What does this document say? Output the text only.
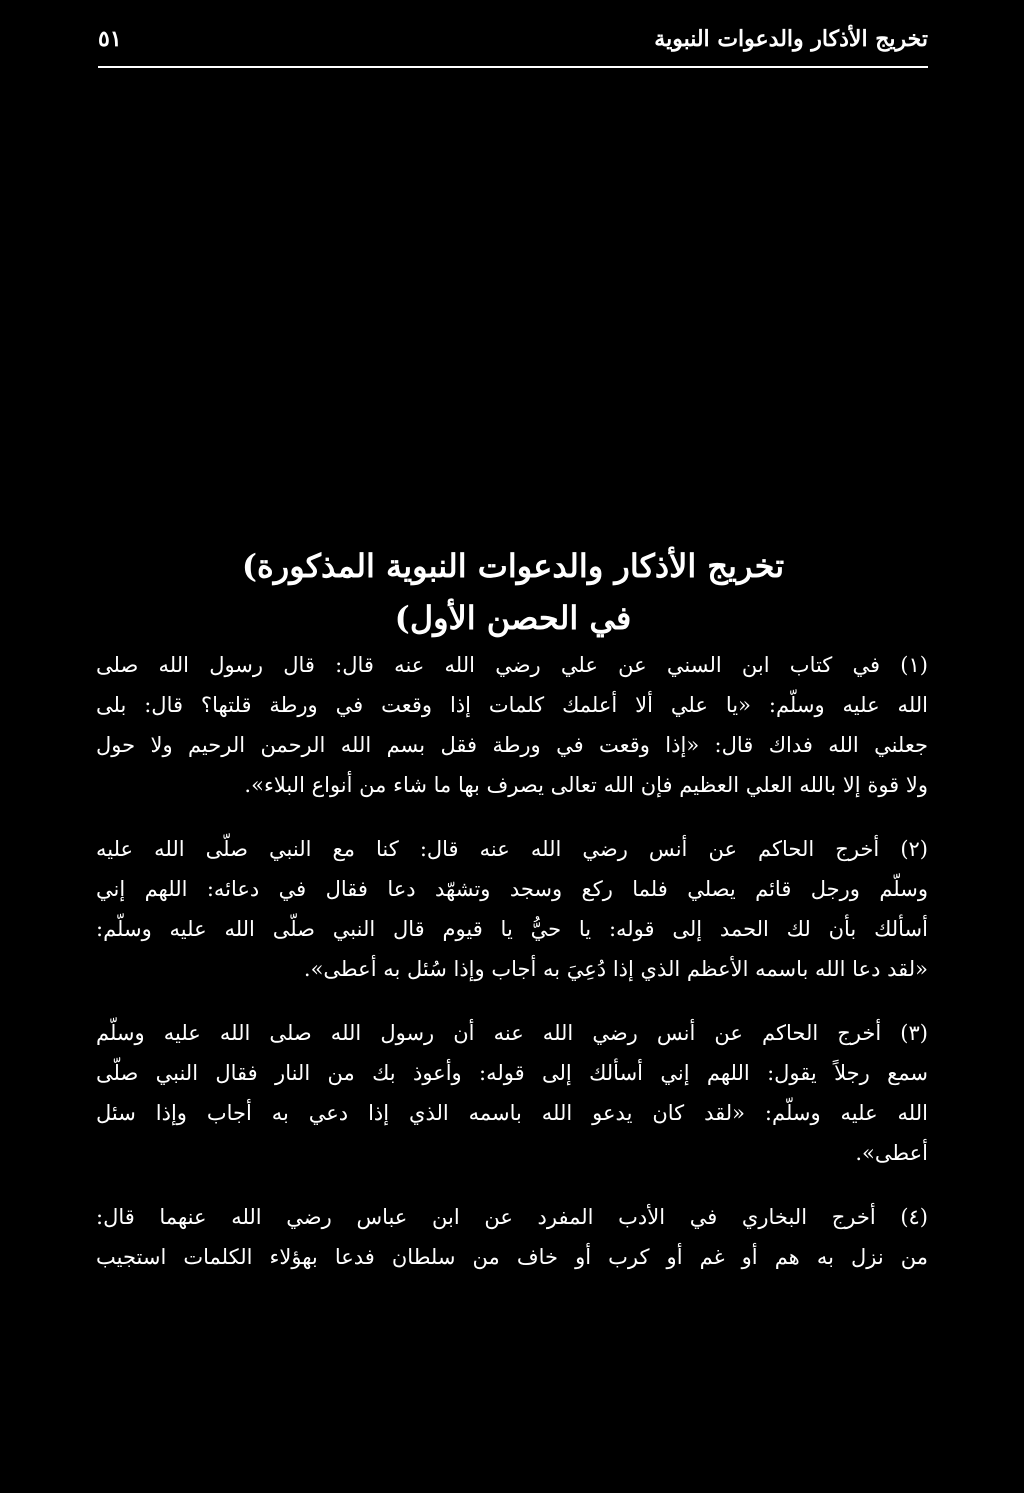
تخريج الأذكار والدعوات النبوية
٥١
تخريج الأذكار والدعوات النبوية المذكورة)
في الحصن الأول)
(١) في كتاب ابن السني عن علي رضي الله عنه قال: قال رسول الله صلى
الله عليه وسلّم: «يا علي ألا أعلمك كلمات إذا وقعت في ورطة قلتها؟ قال: بلى
جعلني الله فداك قال: «إذا وقعت في ورطة فقل بسم الله الرحمن الرحيم ولا حول
ولا قوة إلا بالله العلي العظيم فإن الله تعالى يصرف بها ما شاء من أنواع البلاء».
(٢) أخرج الحاكم عن أنس رضي الله عنه قال: كنا مع النبي صلّى الله عليه
وسلّم ورجل قائم يصلي فلما ركع وسجد وتشهّد دعا فقال في دعائه: اللهم إني
أسألك بأن لك الحمد إلى قوله: يا حيُّ يا قيوم قال النبي صلّى الله عليه وسلّم:
«لقد دعا الله باسمه الأعظم الذي إذا دُعِيَ به أجاب وإذا سُئل به أعطى».
(٣) أخرج الحاكم عن أنس رضي الله عنه أن رسول الله صلى الله عليه وسلّم
سمع رجلاً يقول: اللهم إني أسألك إلى قوله: وأعوذ بك من النار فقال النبي صلّى
الله عليه وسلّم: «لقد كان يدعو الله باسمه الذي إذا دعي به أجاب وإذا سئل
أعطى».
(٤) أخرج البخاري في الأدب المفرد عن ابن عباس رضي الله عنهما قال:
من نزل به هم أو غم أو كرب أو خاف من سلطان فدعا بهؤلاء الكلمات استجيب
